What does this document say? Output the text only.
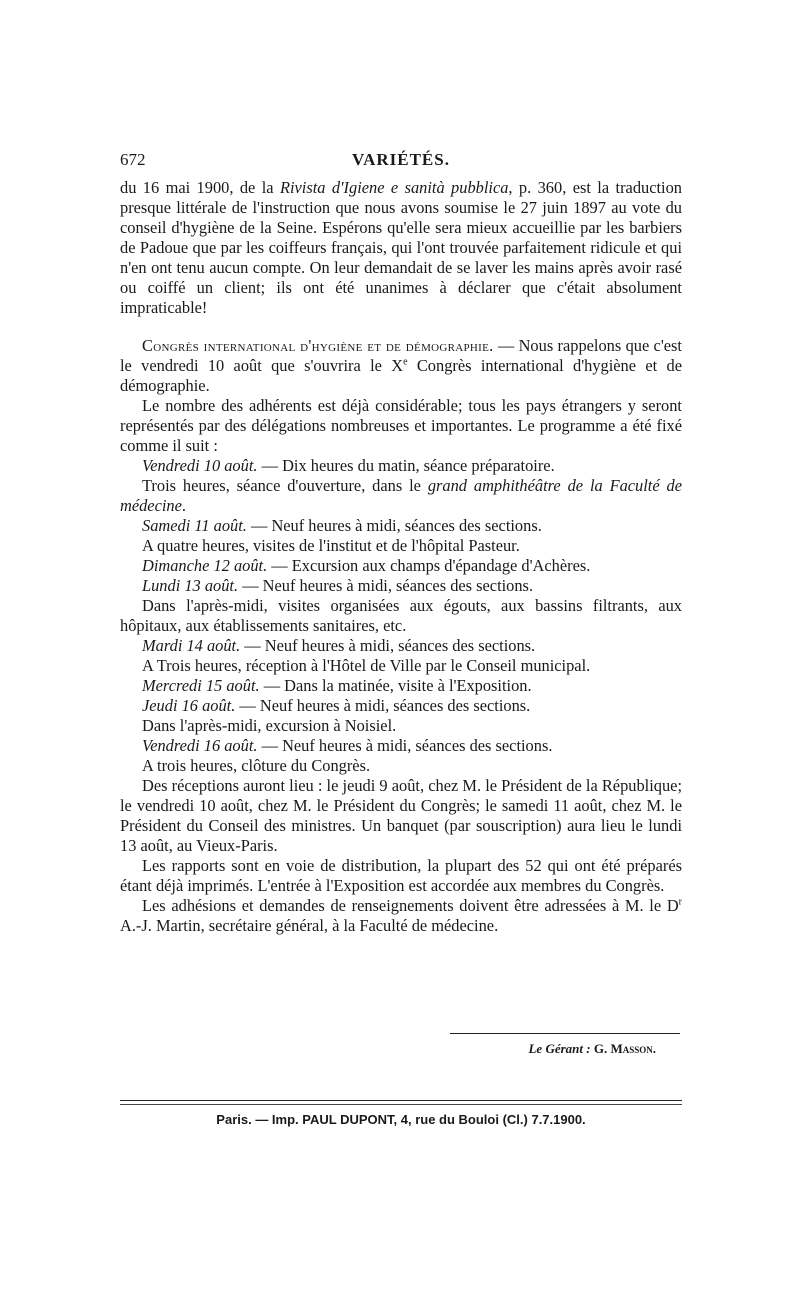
672	VARIÉTÉS.

du 16 mai 1900, de la Rivista d'Igiene e sanità pubblica, p. 360, est la traduction presque littérale de l'instruction que nous avons soumise le 27 juin 1897 au vote du conseil d'hygiène de la Seine. Espérons qu'elle sera mieux accueillie par les barbiers de Padoue que par les coiffeurs français, qui l'ont trouvée parfaitement ridicule et qui n'en ont tenu aucun compte. On leur demandait de se laver les mains après avoir rasé ou coiffé un client; ils ont été unanimes à déclarer que c'était absolument impraticable!

Congrès international d'hygiène et de démographie. — Nous rappelons que c'est le vendredi 10 août que s'ouvrira le Xe Congrès international d'hygiène et de démographie.

Le nombre des adhérents est déjà considérable; tous les pays étrangers y seront représentés par des délégations nombreuses et importantes. Le programme a été fixé comme il suit :

Vendredi 10 août. — Dix heures du matin, séance préparatoire.

Trois heures, séance d'ouverture, dans le grand amphithéâtre de la Faculté de médecine.

Samedi 11 août. — Neuf heures à midi, séances des sections.

A quatre heures, visites de l'institut et de l'hôpital Pasteur.

Dimanche 12 août. — Excursion aux champs d'épandage d'Achères.

Lundi 13 août. — Neuf heures à midi, séances des sections.

Dans l'après-midi, visites organisées aux égouts, aux bassins filtrants, aux hôpitaux, aux établissements sanitaires, etc.

Mardi 14 août. — Neuf heures à midi, séances des sections.

A Trois heures, réception à l'Hôtel de Ville par le Conseil municipal.

Mercredi 15 août. — Dans la matinée, visite à l'Exposition.

Jeudi 16 août. — Neuf heures à midi, séances des sections.

Dans l'après-midi, excursion à Noisiel.

Vendredi 16 août. — Neuf heures à midi, séances des sections.

A trois heures, clôture du Congrès.

Des réceptions auront lieu : le jeudi 9 août, chez M. le Président de la République; le vendredi 10 août, chez M. le Président du Congrès; le samedi 11 août, chez M. le Président du Conseil des ministres. Un banquet (par souscription) aura lieu le lundi 13 août, au Vieux-Paris.

Les rapports sont en voie de distribution, la plupart des 52 qui ont été préparés étant déjà imprimés. L'entrée à l'Exposition est accordée aux membres du Congrès.

Les adhésions et demandes de renseignements doivent être adressées à M. le $D^r$ A.-J. Martin, secrétaire général, à la Faculté de médecine.

Le Gérant : G. Masson.
Paris. — Imp. PAUL DUPONT, 4, rue du Bouloi (Cl.) 7.7.1900.
